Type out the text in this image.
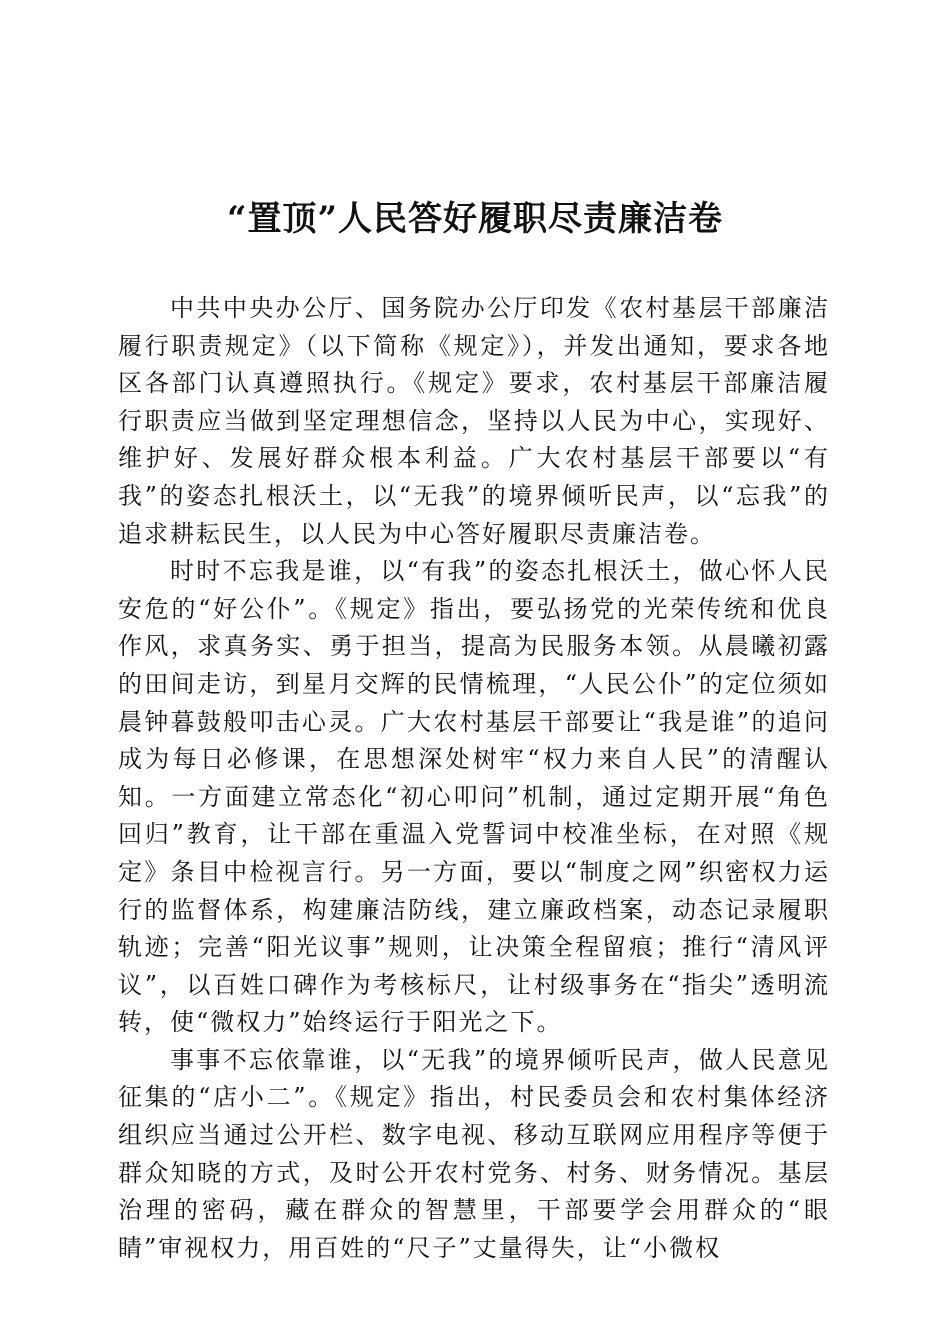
“置顶”人民答好履职尽责廉洁卷

中共中央办公厅、国务院办公厅印发《农村基层干部廉洁履行职责规定》（以下简称《规定》），并发出通知，要求各地区各部门认真遵照执行。《规定》要求，农村基层干部廉洁履行职责应当做到坚定理想信念，坚持以人民为中心，实现好、维护好、发展好群众根本利益。广大农村基层干部要以“有我”的姿态扎根沃土，以“无我”的境界倾听民声，以“忘我”的追求耕耘民生，以人民为中心答好履职尽责廉洁卷。

时时不忘我是谁，以“有我”的姿态扎根沃土，做心怀人民安危的“好公仆”。《规定》指出，要弘扬党的光荣传统和优良作风，求真务实、勇于担当，提高为民服务本领。从晨曦初露的田间走访，到星月交辉的民情梳理，“人民公仆”的定位须如晨钟暮鼓般叩击心灵。广大农村基层干部要让“我是谁”的追问成为每日必修课，在思想深处树牢“权力来自人民”的清醒认知。一方面建立常态化“初心叩问”机制，通过定期开展“角色回归”教育，让干部在重温入党誓词中校准坐标，在对照《规定》条目中检视言行。另一方面，要以“制度之网”织密权力运行的监督体系，构建廉洁防线，建立廉政档案，动态记录履职轨迹；完善“阳光议事”规则，让决策全程留痕；推行“清风评议”，以百姓口碑作为考核标尺，让村级事务在“指尖”透明流转，使“微权力”始终运行于阳光之下。

事事不忘依靠谁，以“无我”的境界倾听民声，做人民意见征集的“店小二”。《规定》指出，村民委员会和农村集体经济组织应当通过公开栏、数字电视、移动互联网应用程序等便于群众知晓的方式，及时公开农村党务、村务、财务情况。基层治理的密码，藏在群众的智慧里，干部要学会用群众的“眼睛”审视权力，用百姓的“尺子”丈量得失，让“小微权
